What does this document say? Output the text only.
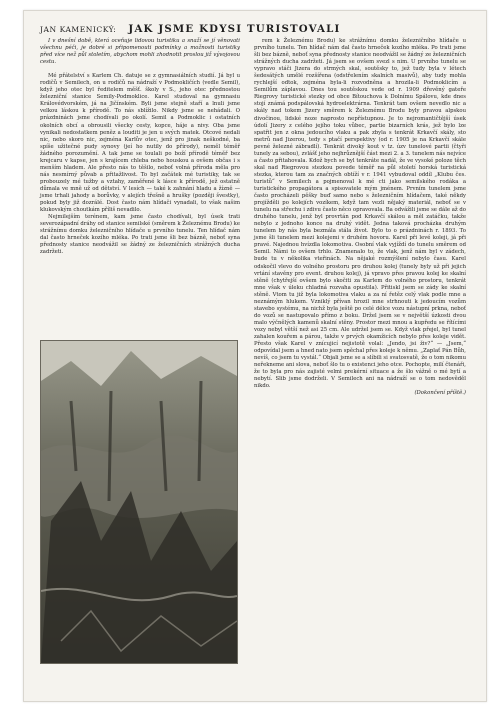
JAN KAMENICKÝ: JAK JSME KDYSI TURISTOVALI

I v dnešní době, která oceňuje lidovou turistiku a snaží se jí věnovati všechnu péči, je dobré si připomenouti podmínky a možnosti turistiky před více než půl stoletím, abychom mohli zhodnotit proslou již vývojovou cestu.

Mé přátelství s Karlem Ch. datuje se z gymnasiálních studií. Já byl u rodičů v Semilech, on u rodičů na nádraží v Podmokličích (vedle Semil), když jeho otec byl ředitelem měšť. školy v S., jeho otec přednostou železniční stanice Semily-Podmoklice. Karel studoval na gymnasiu Královédvorském, já na Jičínském. Byli jsme stejně staří a lnuli jsme velkou láskou k přírodě. To nás sblížilo. Nikdy jsme se nehádali. O prázdninách jsme chodívali po okolí. Semil a Podmoklic i ostatních okolních obcí a obrousili všecky cesty, kopce, háje a nivy. Oba jsme vynikali nedostatkem peněz a louditi je jen u svých matek. Otcové nedali nic, nebo skoro nic, zejména Karlův otec, jenž pro jinak neškodné, ba spíše užitečné pudy synovy (jeí ho nutily do přírody), neměl téměř žádného porozumění. A tak jsme se toulali po boží přírodě téměř bez krejcaru v kapse, jen s krajícem chleba nebo houskou a ovšem občas i s menším hladem. Ale přesto nás to těšilo, neboť volná příroda měla pro nás nesmírný půvab a přitažlivost. To byl začátek mé turistiky, tak se probouzely mé tužby a vztahy, zaměřené k lásce k přírodě, jež ostatně důmala ve mně už od dětství. V lesích — také k zahnání hladu a žízně — jsme trhali jahody a borůvky, v alejích třešně a hrušky (později švestky), pokud byly již dozrálé. Dost často nám hlídači vynadali, to však našim klukovským choutkám příliš nevadilo.

Nejmilejším terénem, kam jsme často chodívali, byl úsek trati severozápadní dráhy od stanice semilské (směrem k Železnému Brodu) ke strážnímu domku železničního hlídače u prvního tunelu. Ten hlídač nám dal často hrneček kozího mléka. Po trati jsme šli bez bázně, neboť syna přednosty stanice neodvážil se žádný ze železničních strážných ducha zadržeti.

rem k Železnému Brodu) ke strážnímu domku železničního hlídače u prvního tunelu. Ten hlídač nám dal často hrneček kozího mléka. Po trati jsme šli bez bázně, neboť syna přednosty stanice neodvážil se žádný ze železničních strážných ducha zadržeti. Já jsem se ovšem svezl s nim. U prvního tunelu se vypravo stáči Jizera do strmých skal, soutěsky to, jež tudy byla v létech šedesátých umělé rozšířena (odstřelením skalních masivů), aby tudy mohla rychlejší odtok, zejména byla-li rozvodněna a hrozila-li Podmoklicím a Semilům záplavou. Dnes tou soutěskou vede od r. 1909 dřevěný gateře Riegrovy turistické stezky od obce Bítouchova k Dolnímu Spálovu, kde dnes stojí známá podspálovská hydroelektrárna. Tenkrát tam ovšem nevedlo nic a skály nad tokem Jizery směrem k Železnému Brodu byly pravou alpskou divočinou, lidské noze naprosto nepřístupnou. Je to nejromantičtější úsek údolí Jizery z celého jejího toku vůbec, partie bizarních krás, jež bylo lze spatřit jen z okna jedoucího vlaku a pak zbyla s tenkrát Krkavčí skály, sto metrů nad Jizerou, tedy s ptačí perspektivy (od r. 1905 je na Krkavčí skále pevné železné zábradlí). Tenkrát divoký kout v tz. úzv tunelové partii (čtyři tunely za sebou), zvlášť jeho nejhrůznější část mezi 2. a 3. tunelem nás nejvíce a často přitahovala. Kdož bych se byl tenkráte nadál, že ve vysoké poloze těch skal nad Riegrovou stezkou povede téměř na půl století horská turistická stezka, kterou tam za značných obtíží v r. 1941 vybudoval oddíl „Klubu čes. turistů“ v Semilech a pojmenoval k mé cti jako semilského rodáka a turistického propagátora a spisovatele mým jménem. Prvním tunelem jsme často procházeli pěšky buď samo nebo s železničním hlídačem, také někdy projížděli po kolejích vozíkem, když tam vezli nějaký materiál, neboť se v tunelu na střechu i zdivu často něco opravovala. Ba odvážili jsme se dále až do druhého tunelu, jenž byl provrtán pod Krkavčí skálou a měl zatáčku, takže nebylo z jednoho konce na druhý vidět. Jedna taková procházka druhým tunelem by nás byla bezmála stála život. Bylo to o prázdninách r. 1893. To jsme šli tunelem mezi kolejemi v druhém hovoru. Karel při levé koleji, já při pravé. Najednou hvízdla lokomotiva. Osobní vlak vyjíždí do tunelu směrem od Semil. Námi to ovšem trhlo. Znamenalo to, že vlak, jenž nám byl v zádech, bude tu v několika vteřinách. Na nějaké rozmýšlení nebylo času. Karel odskočil vlevo do volného prostoru pro druhou kolej (tunely byly už při jejich vrtání stavěny pro event. druhou kolej), já vpravo přes pravou kolej ke skalní stěně (chytřejší ovšem bylo skočiti za Karlem do volného prostoru, tenkrát mne však v úleku chladná rozvaha opustila). Přitiskl jsem se zády ke skalní stěně. Vtom tu již byla lokomotiva vlaku a za ní řetěz celý vlak podle mne a neznámým hlukem. Vzniklý přívan hrozil mne strhnouti k jedoucím vozům stavebo systému, na nichž byla ještě po celé délce vozu nástupní prkna, neboť do vozů se nastupovalo přímo z boku. Držel jsem se v největší úzkosti dvou malo výčnělých kamenů skalní stěny. Prostor mezi mnou a kupředu se řítícími vozy nebyl větší než asi 25 cm. Ale udržel jsem se. Když vlak přejel, byl tunel zahalen kouřem a párou, takže v prvých okamžicích nebylo přes koleje vidět. Přesto však Karel v znícujicí nejistotě volal: „Jendo, jsi živ?“ — „Jsem,“ odpovídal jsem a hned nato jsem spěchal přes koleje k němu. „Zaplať Pán Bůh, nevíš, co jsem tu vystál.“ Objali jsme se a slíbili si svatosvatě, že o tom nikomu neřekneme ani slova, neboť šlo tu o existenci jeho otce. Pochopte, milí čtenáři, že to byla pro nás zajisté velmi prekérní situace a že šlo vážně o mé bytí a nebytí. Slib jsme dodrželi. V Semilech ani na nádraží se o tom nedověděl nikdo.

(Dokončení příště.)
